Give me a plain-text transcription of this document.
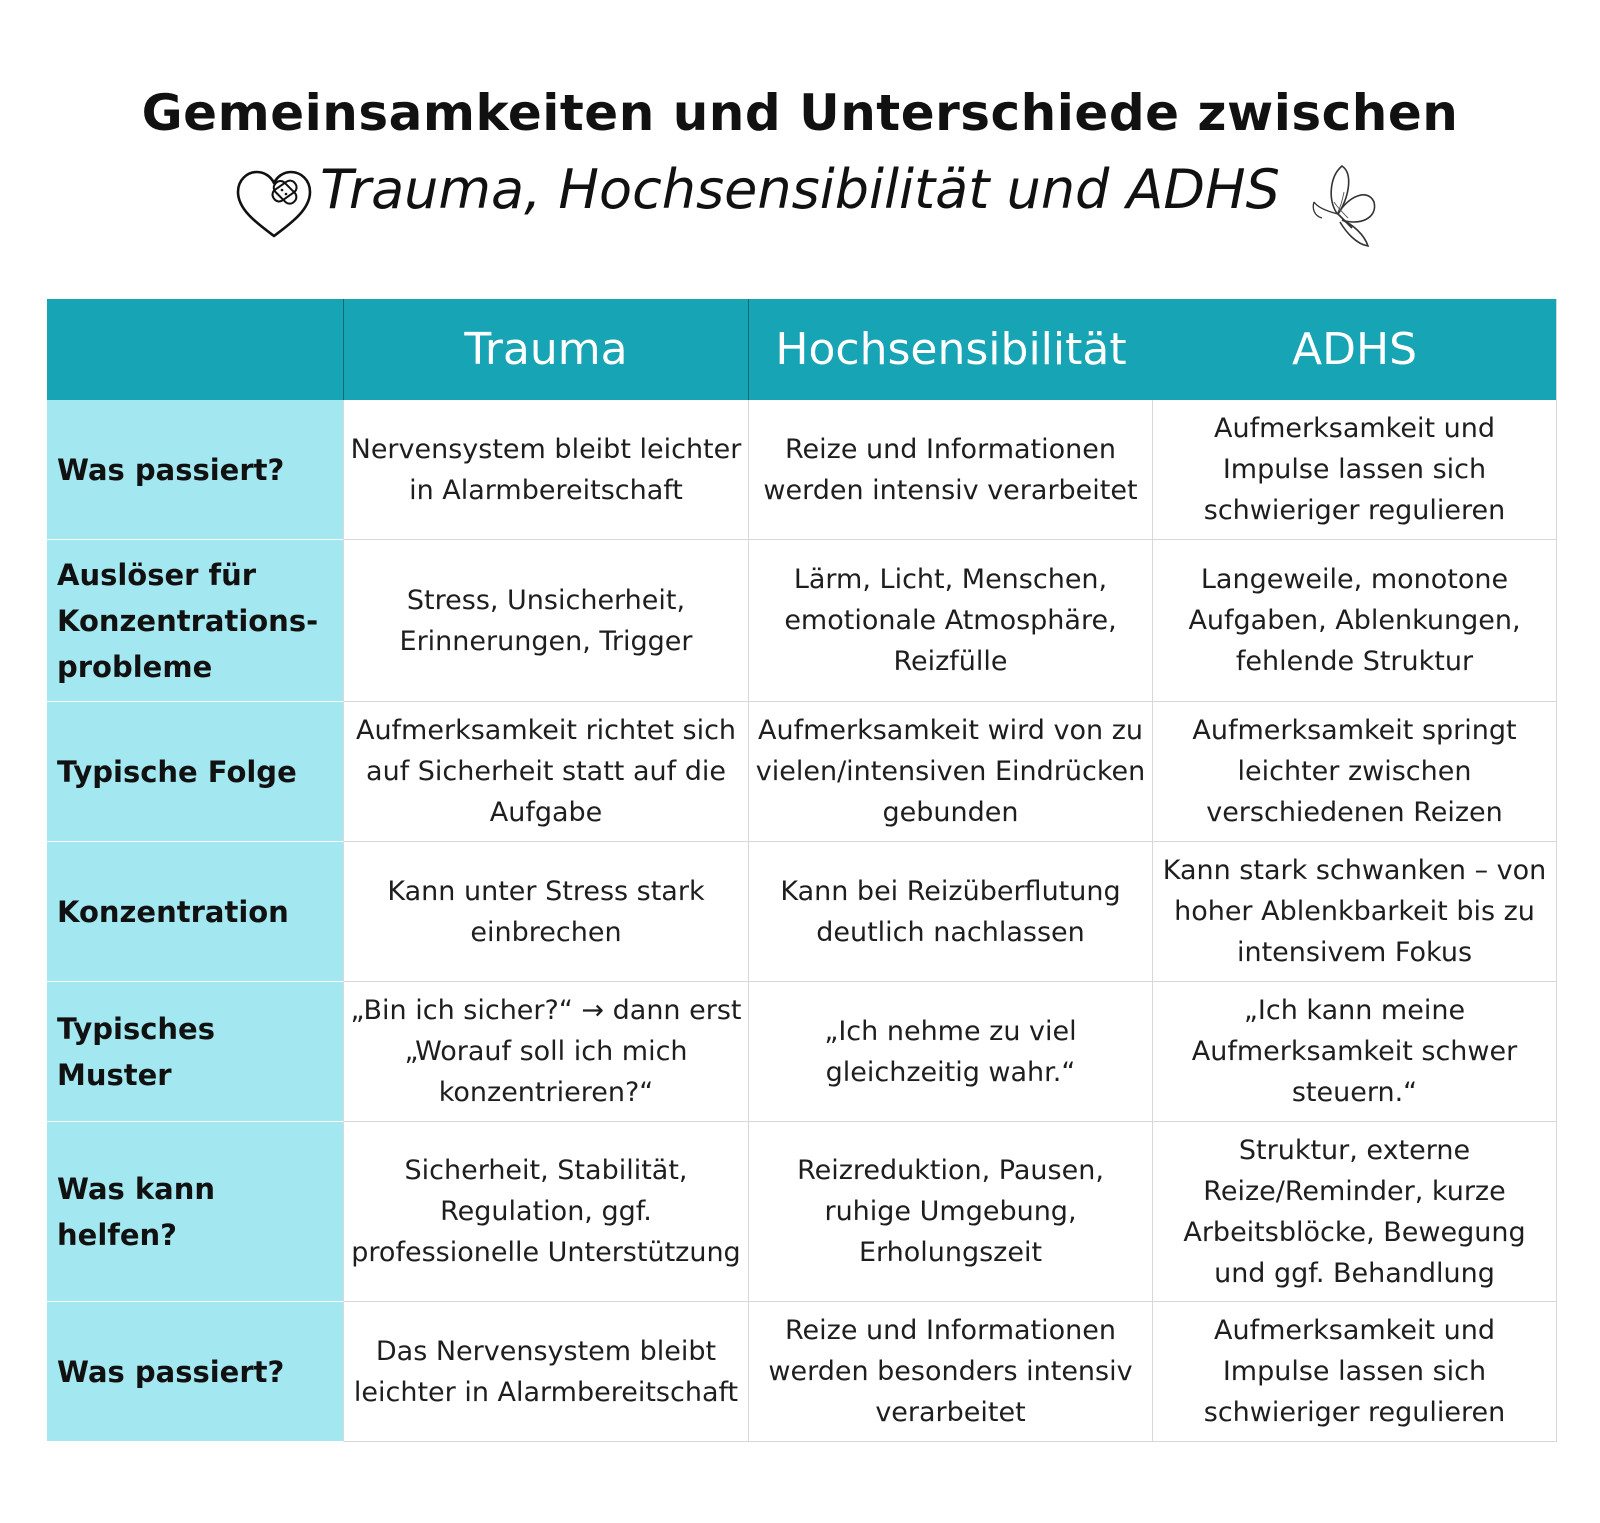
Gemeinsamkeiten und Unterschiede zwischen
Trauma, Hochsensibilität und ADHS
Trauma	Hochsensibilität	ADHS
Was passiert?
Nervensystem bleibt leichter in Alarmbereitschaft
Reize und Informationen werden intensiv verarbeitet
Aufmerksamkeit und Impulse lassen sich schwieriger regulieren
Auslöser für Konzentrations-probleme
Stress, Unsicherheit, Erinnerungen, Trigger
Lärm, Licht, Menschen, emotionale Atmosphäre, Reizfülle
Langeweile, monotone Aufgaben, Ablenkungen, fehlende Struktur
Typische Folge
Aufmerksamkeit richtet sich auf Sicherheit statt auf die Aufgabe
Aufmerksamkeit wird von zu vielen/intensiven Eindrücken gebunden
Aufmerksamkeit springt leichter zwischen verschiedenen Reizen
Konzentration
Kann unter Stress stark einbrechen
Kann bei Reizüberflutung deutlich nachlassen
Kann stark schwanken – von hoher Ablenkbarkeit bis zu intensivem Fokus
Typisches Muster
„Bin ich sicher?“ → dann erst „Worauf soll ich mich konzentrieren?“
„Ich nehme zu viel gleichzeitig wahr.“
„Ich kann meine Aufmerksamkeit schwer steuern.“
Was kann helfen?
Sicherheit, Stabilität, Regulation, ggf. professionelle Unterstützung
Reizreduktion, Pausen, ruhige Umgebung, Erholungszeit
Struktur, externe Reize/Reminder, kurze Arbeitsblöcke, Bewegung und ggf. Behandlung
Was passiert?
Das Nervensystem bleibt leichter in Alarmbereitschaft
Reize und Informationen werden besonders intensiv verarbeitet
Aufmerksamkeit und Impulse lassen sich schwieriger regulieren
